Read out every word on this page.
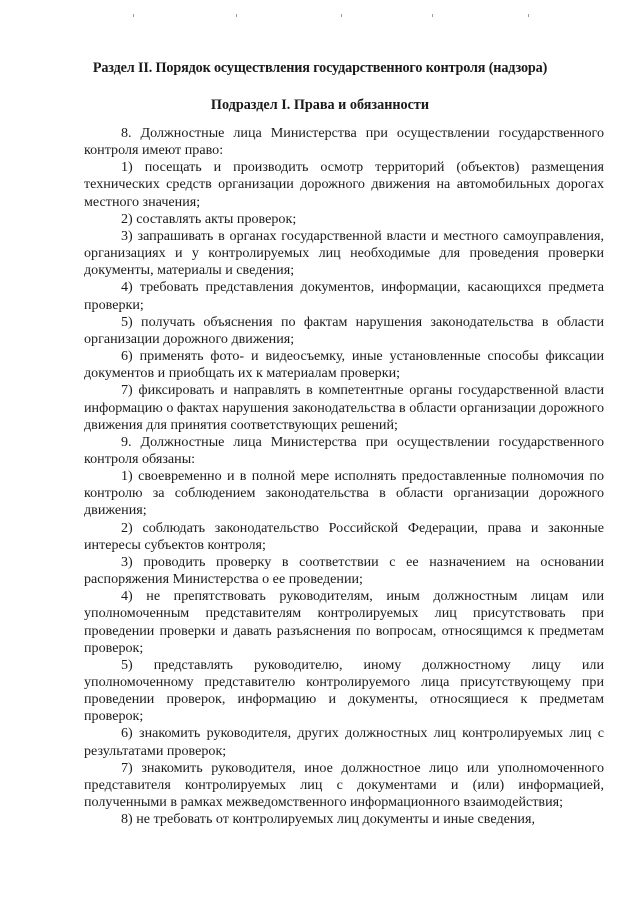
Раздел II. Порядок осуществления государственного контроля (надзора)
Подраздел I. Права и обязанности

8. Должностные лица Министерства при осуществлении государственного контроля имеют право:

1) посещать и производить осмотр территорий (объектов) размещения технических средств организации дорожного движения на автомобильных дорогах местного значения;

2) составлять акты проверок;

3) запрашивать в органах государственной власти и местного самоуправления, организациях и у контролируемых лиц необходимые для проведения проверки документы, материалы и сведения;

4) требовать представления документов, информации, касающихся предмета проверки;

5) получать объяснения по фактам нарушения законодательства в области организации дорожного движения;

6) применять фото- и видеосъемку, иные установленные способы фиксации документов и приобщать их к материалам проверки;

7) фиксировать и направлять в компетентные органы государственной власти информацию о фактах нарушения законодательства в области организации дорожного движения для принятия соответствующих решений;

9. Должностные лица Министерства при осуществлении государственного контроля обязаны:

1) своевременно и в полной мере исполнять предоставленные полномочия по контролю за соблюдением законодательства в области организации дорожного движения;

2) соблюдать законодательство Российской Федерации, права и законные интересы субъектов контроля;

3) проводить проверку в соответствии с ее назначением на основании распоряжения Министерства о ее проведении;

4) не препятствовать руководителям, иным должностным лицам или уполномоченным представителям контролируемых лиц присутствовать при проведении проверки и давать разъяснения по вопросам, относящимся к предметам проверок;

5) представлять руководителю, иному должностному лицу или уполномоченному представителю контролируемого лица присутствующему при проведении проверок, информацию и документы, относящиеся к предметам проверок;

6) знакомить руководителя, других должностных лиц контролируемых лиц с результатами проверок;

7) знакомить руководителя, иное должностное лицо или уполномоченного представителя контролируемых лиц с документами и (или) информацией, полученными в рамках межведомственного информационного взаимодействия;

8) не требовать от контролируемых лиц документы и иные сведения,
